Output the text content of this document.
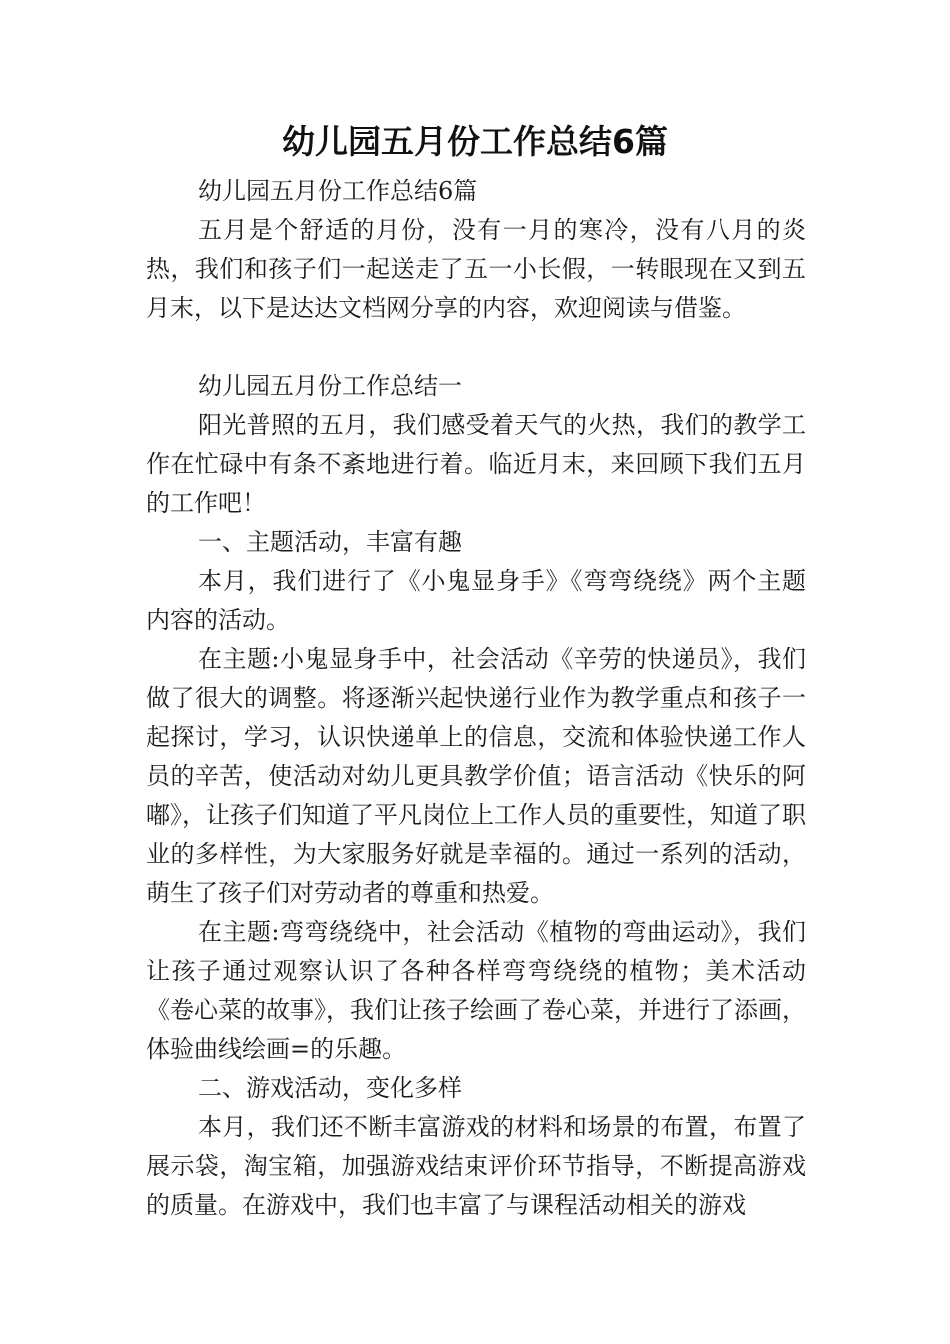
幼儿园五月份工作总结6篇

幼儿园五月份工作总结6篇

五月是个舒适的月份，没有一月的寒冷，没有八月的炎热，我们和孩子们一起送走了五一小长假，一转眼现在又到五月末，以下是达达文档网分享的内容，欢迎阅读与借鉴。

幼儿园五月份工作总结一

阳光普照的五月，我们感受着天气的火热，我们的教学工作在忙碌中有条不紊地进行着。临近月末，来回顾下我们五月的工作吧！

一、主题活动，丰富有趣

本月，我们进行了《小鬼显身手》《弯弯绕绕》两个主题内容的活动。

在主题:小鬼显身手中，社会活动《辛劳的快递员》，我们做了很大的调整。将逐渐兴起快递行业作为教学重点和孩子一起探讨，学习，认识快递单上的信息，交流和体验快递工作人员的辛苦，使活动对幼儿更具教学价值；语言活动《快乐的阿嘟》，让孩子们知道了平凡岗位上工作人员的重要性，知道了职业的多样性，为大家服务好就是幸福的。通过一系列的活动，萌生了孩子们对劳动者的尊重和热爱。

在主题:弯弯绕绕中，社会活动《植物的弯曲运动》，我们让孩子通过观察认识了各种各样弯弯绕绕的植物；美术活动《卷心菜的故事》，我们让孩子绘画了卷心菜，并进行了添画，体验曲线绘画=的乐趣。

二、游戏活动，变化多样

本月，我们还不断丰富游戏的材料和场景的布置，布置了展示袋，淘宝箱，加强游戏结束评价环节指导，不断提高游戏的质量。在游戏中，我们也丰富了与课程活动相关的游戏
